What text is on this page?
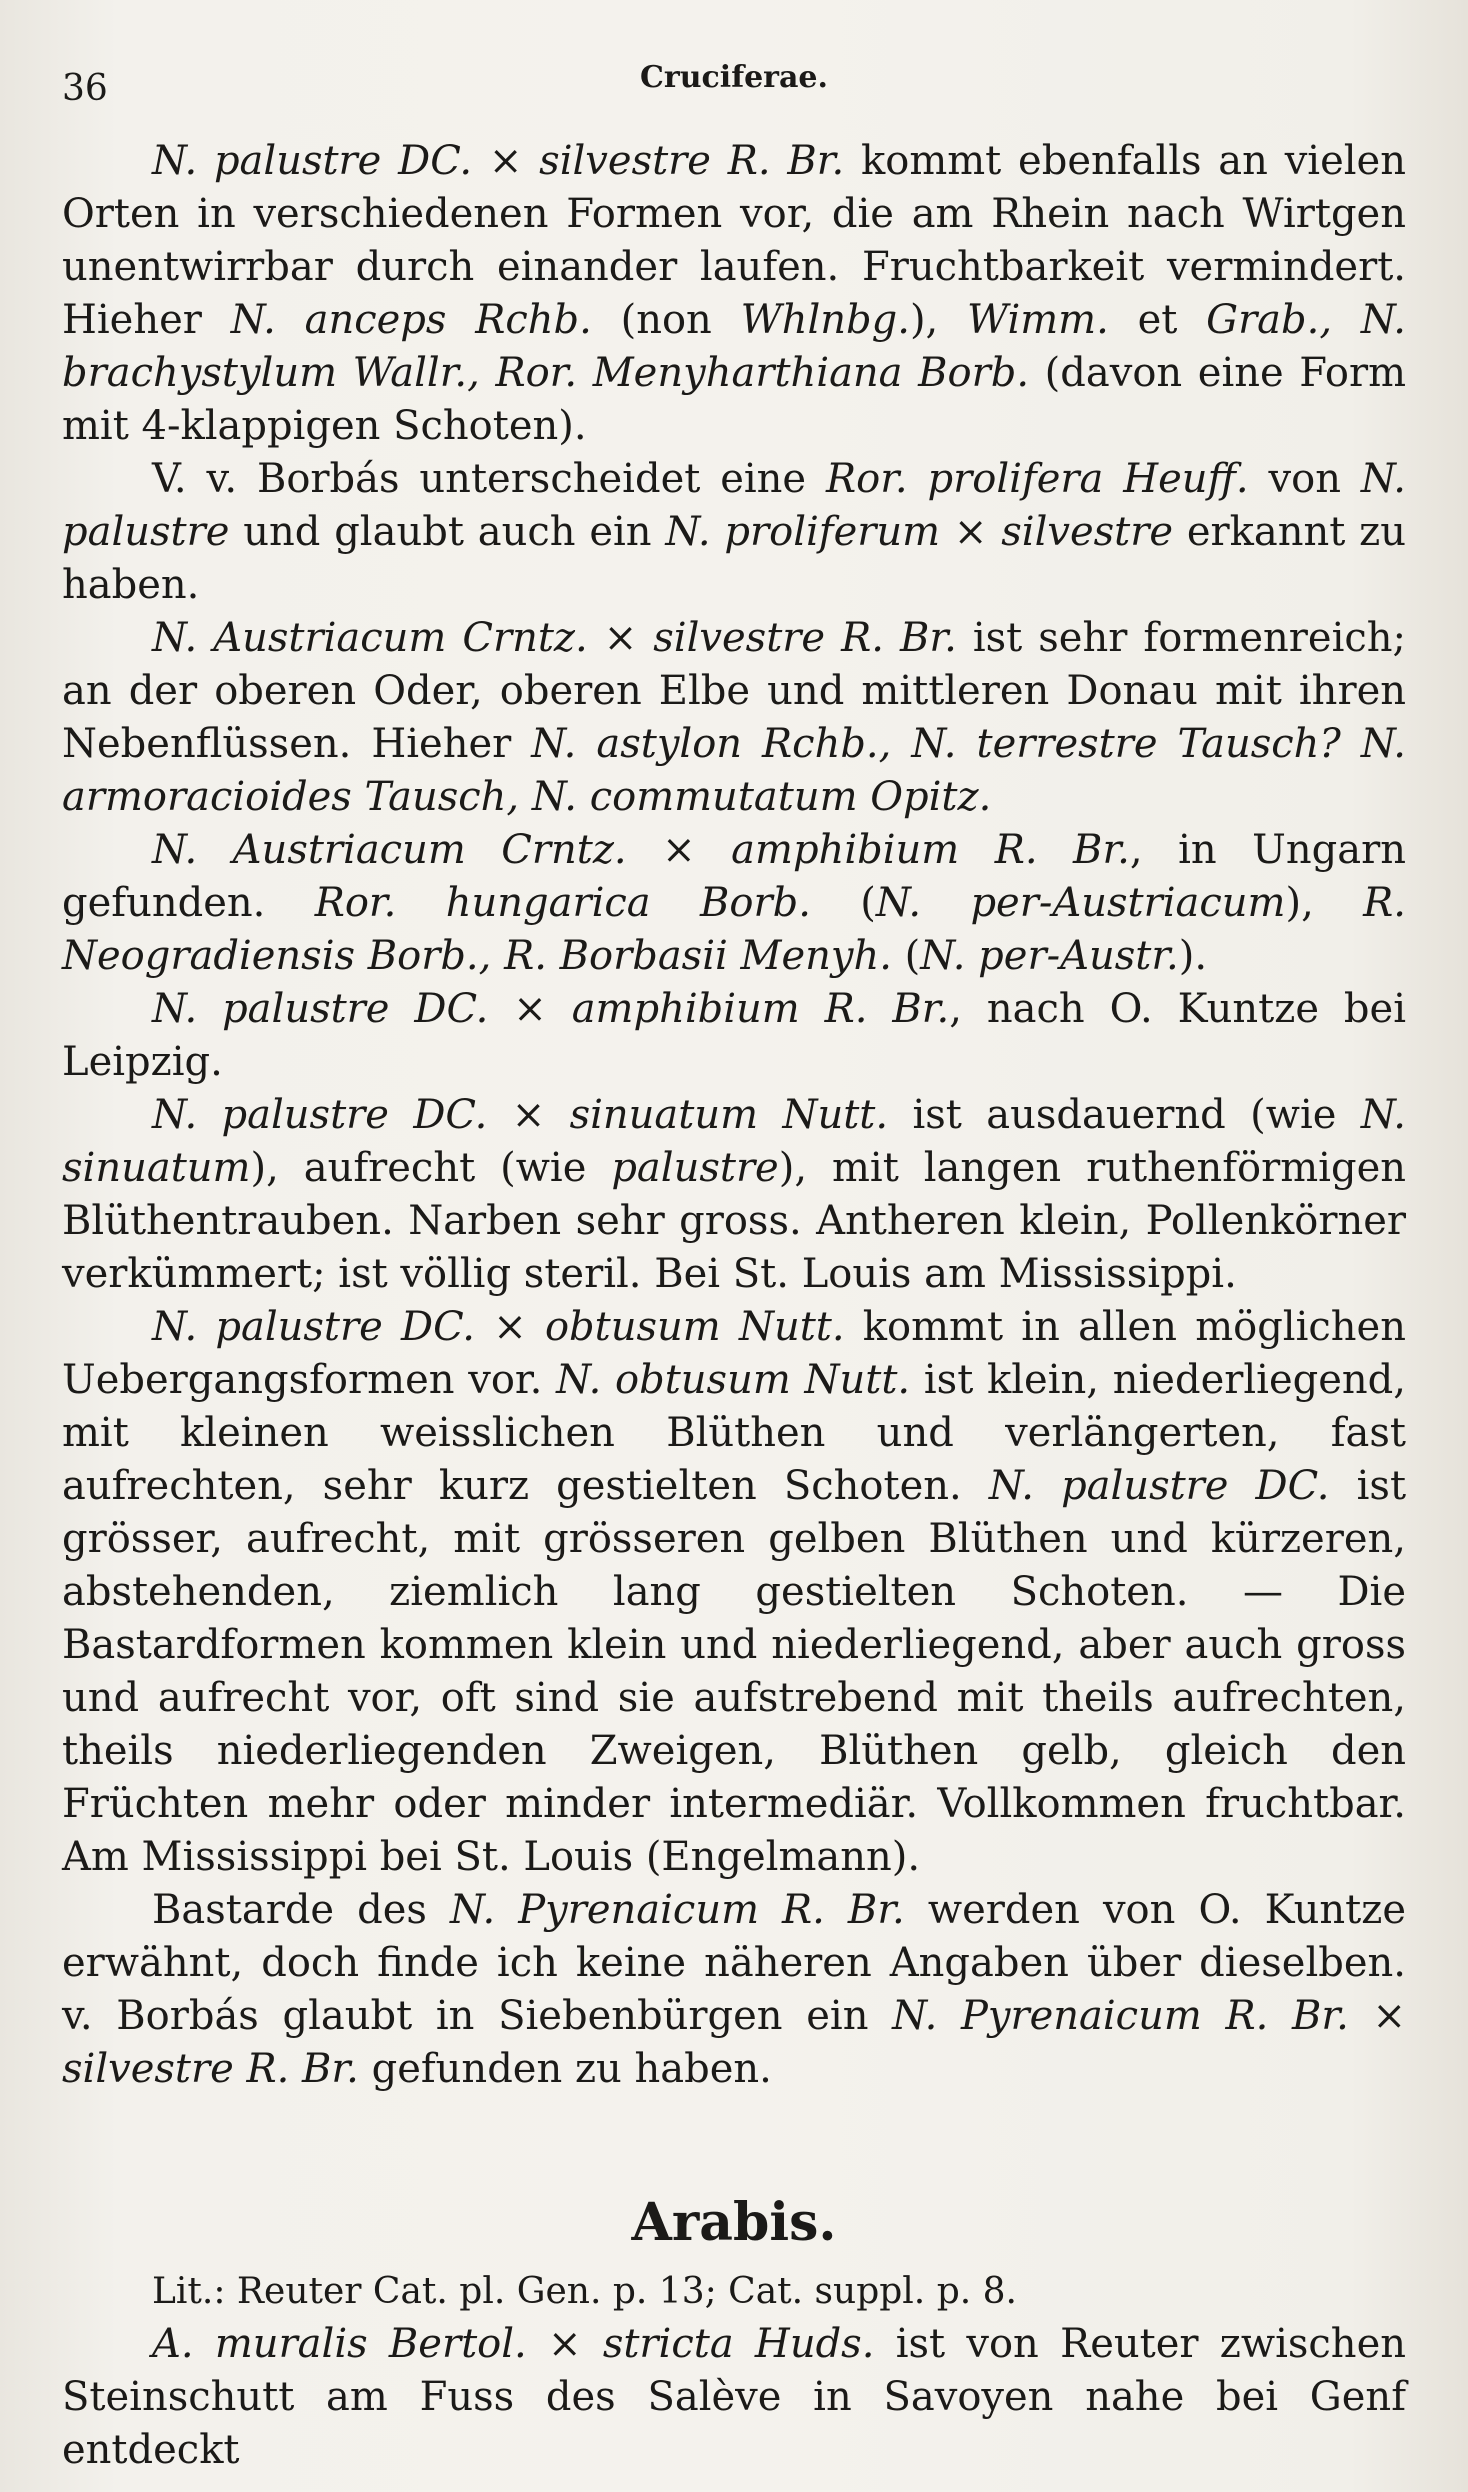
36	Cruciferae.

N. palustre DC. × silvestre R. Br. kommt ebenfalls an vielen Orten in verschiedenen Formen vor, die am Rhein nach Wirtgen unentwirrbar durch einander laufen. Fruchtbarkeit vermindert. Hieher N. anceps Rchb. (non Whlnbg.), Wimm. et Grab., N. brachystylum Wallr., Ror. Menyharthiana Borb. (davon eine Form mit 4-klappigen Schoten).

V. v. Borbás unterscheidet eine Ror. prolifera Heuff. von N. palustre und glaubt auch ein N. proliferum × silvestre erkannt zu haben.

N. Austriacum Crntz. × silvestre R. Br. ist sehr formenreich; an der oberen Oder, oberen Elbe und mittleren Donau mit ihren Nebenflüssen. Hieher N. astylon Rchb., N. terrestre Tausch? N. armoracioides Tausch, N. commutatum Opitz.

N. Austriacum Crntz. × amphibium R. Br., in Ungarn gefunden. Ror. hungarica Borb. (N. per-Austriacum), R. Neogradiensis Borb., R. Borbasii Menyh. (N. per-Austr.).

N. palustre DC. × amphibium R. Br., nach O. Kuntze bei Leipzig.

N. palustre DC. × sinuatum Nutt. ist ausdauernd (wie N. sinuatum), aufrecht (wie palustre), mit langen ruthenförmigen Blüthentrauben. Narben sehr gross. Antheren klein, Pollenkörner verkümmert; ist völlig steril. Bei St. Louis am Mississippi.

N. palustre DC. × obtusum Nutt. kommt in allen möglichen Uebergangsformen vor. N. obtusum Nutt. ist klein, niederliegend, mit kleinen weisslichen Blüthen und verlängerten, fast aufrechten, sehr kurz gestielten Schoten. N. palustre DC. ist grösser, aufrecht, mit grösseren gelben Blüthen und kürzeren, abstehenden, ziemlich lang gestielten Schoten. — Die Bastardformen kommen klein und niederliegend, aber auch gross und aufrecht vor, oft sind sie aufstrebend mit theils aufrechten, theils niederliegenden Zweigen, Blüthen gelb, gleich den Früchten mehr oder minder intermediär. Vollkommen fruchtbar. Am Mississippi bei St. Louis (Engelmann).

Bastarde des N. Pyrenaicum R. Br. werden von O. Kuntze erwähnt, doch finde ich keine näheren Angaben über dieselben. v. Borbás glaubt in Siebenbürgen ein N. Pyrenaicum R. Br. × silvestre R. Br. gefunden zu haben.

Arabis.

Lit.: Reuter Cat. pl. Gen. p. 13; Cat. suppl. p. 8.

A. muralis Bertol. × stricta Huds. ist von Reuter zwischen Steinschutt am Fuss des Salève in Savoyen nahe bei Genf entdeckt
